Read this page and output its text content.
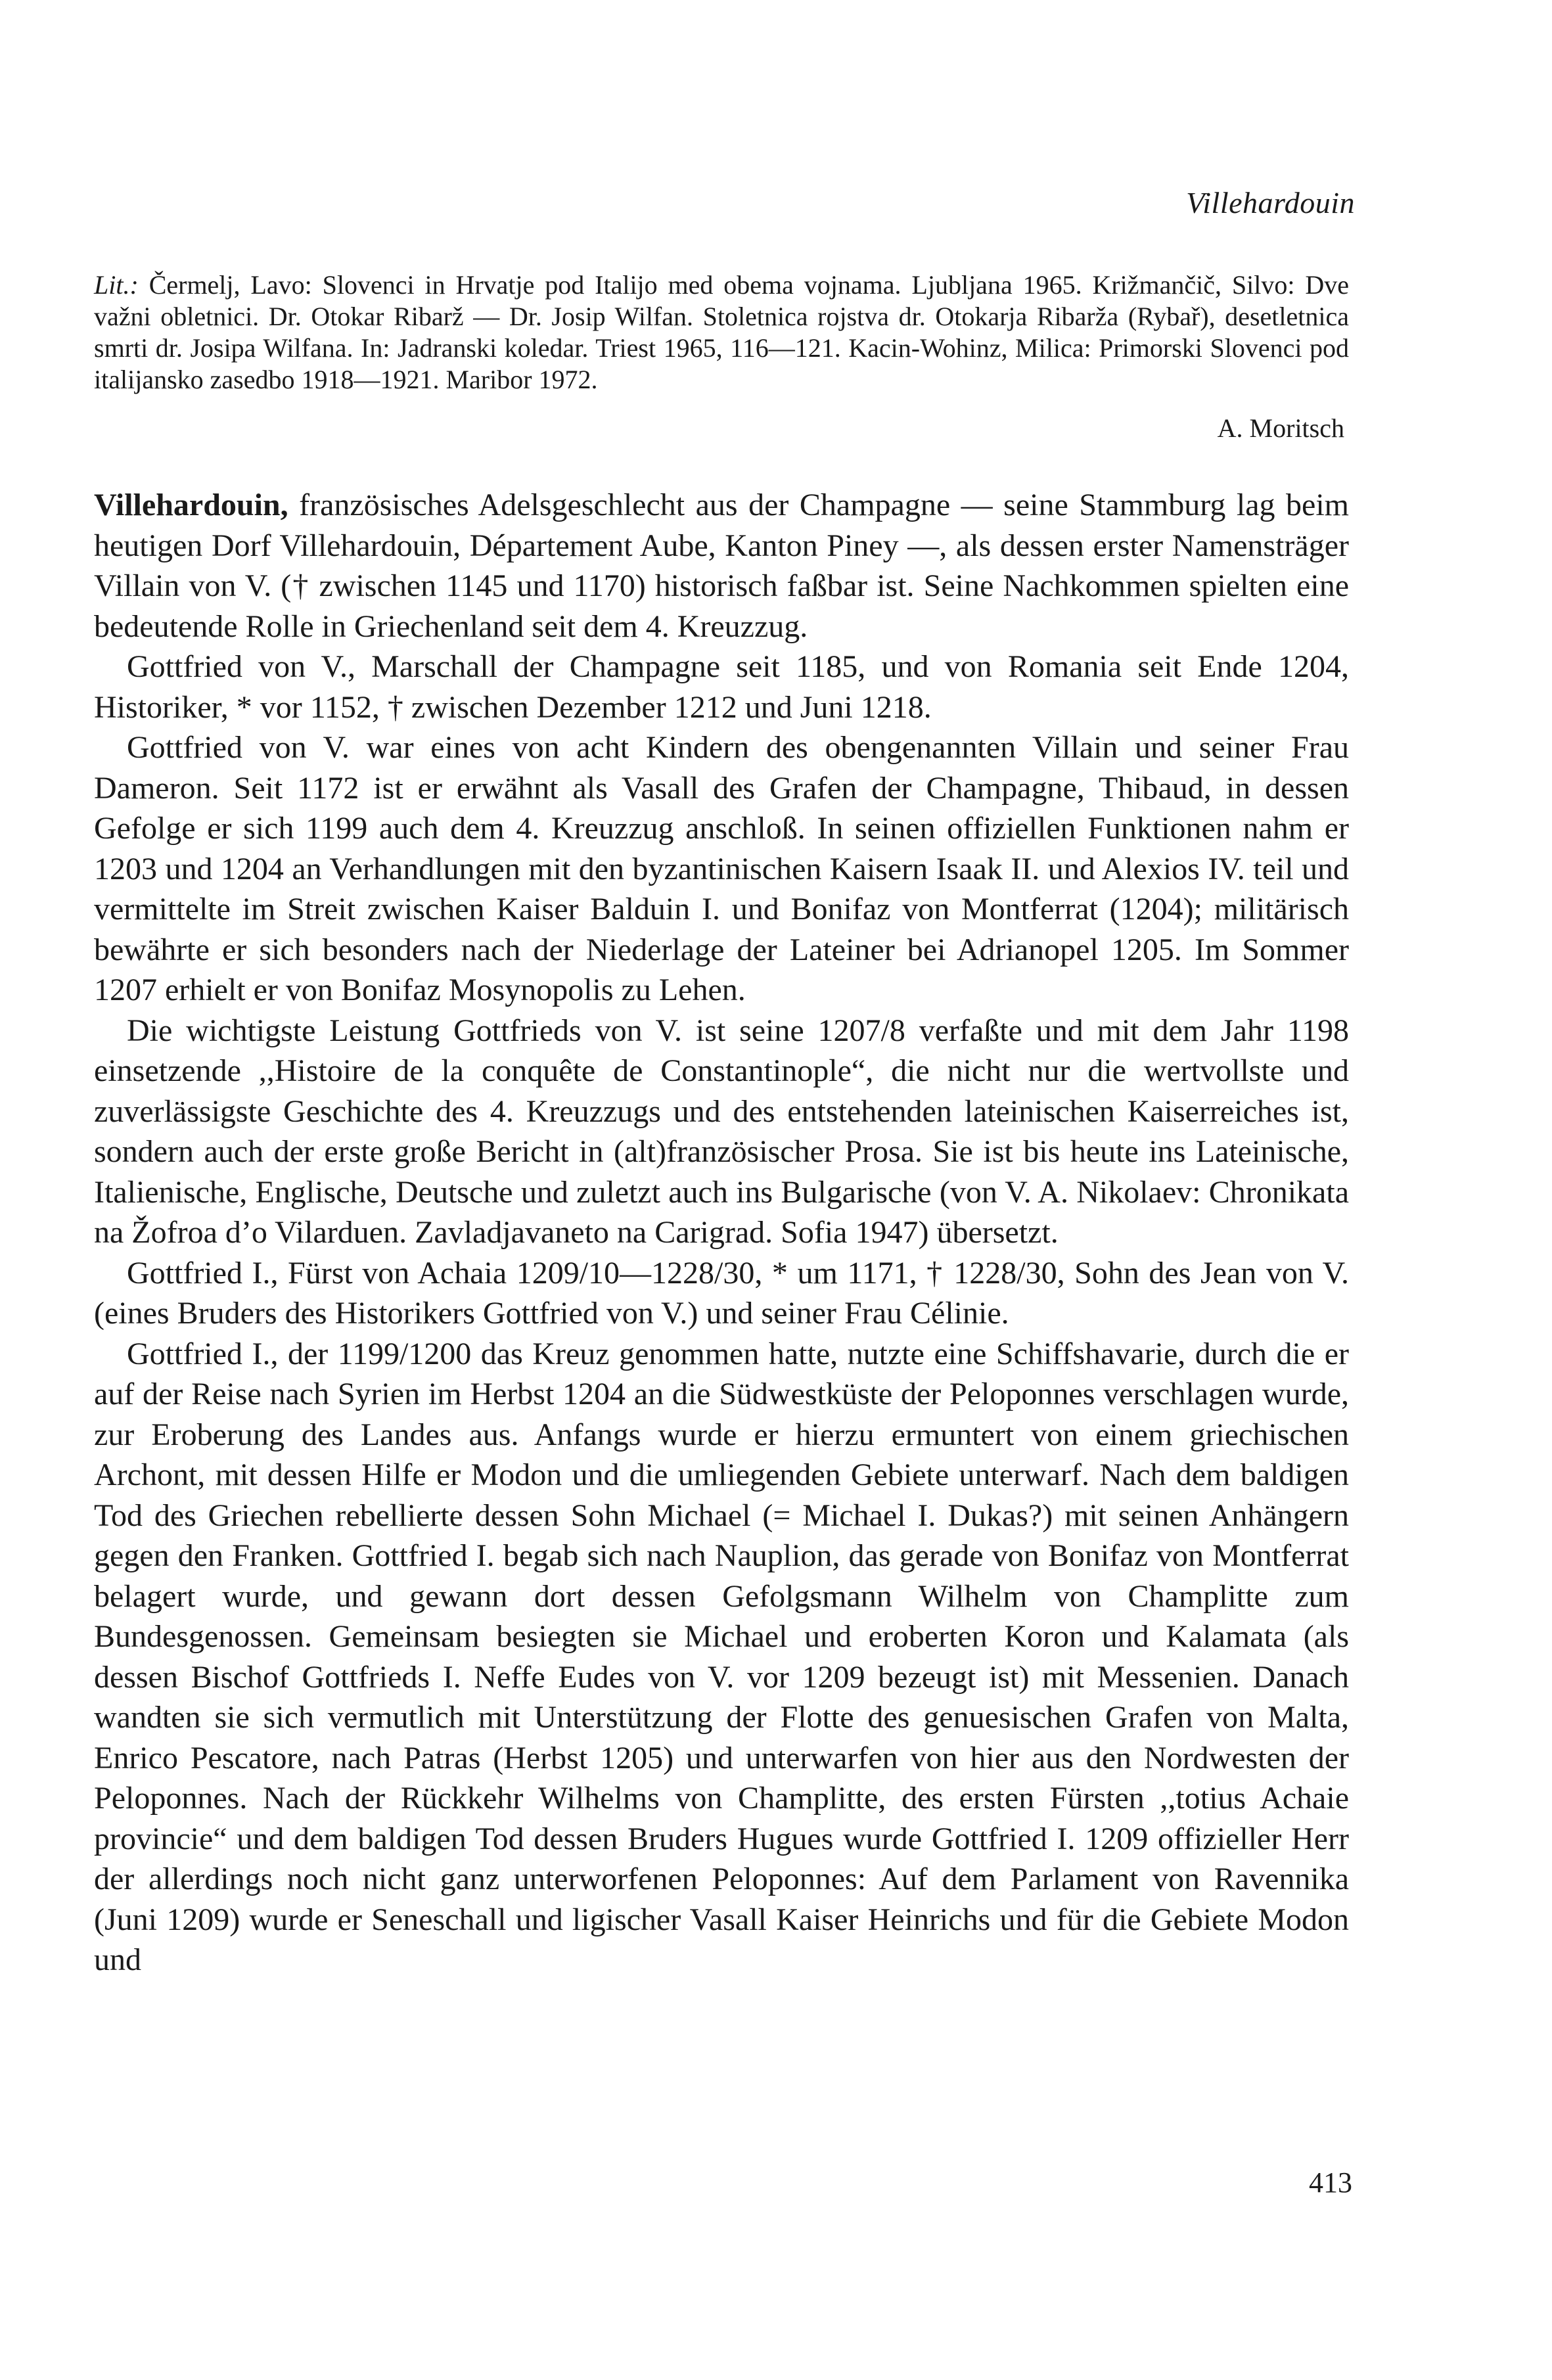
Villehardouin

Lit.: Čermelj, Lavo: Slovenci in Hrvatje pod Italijo med obema vojnama. Ljubljana 1965. Križmančič, Silvo: Dve važni obletnici. Dr. Otokar Ribarž — Dr. Josip Wilfan. Stoletnica rojstva dr. Otokarja Ribarža (Rybař), desetletnica smrti dr. Josipa Wilfana. In: Jadranski koledar. Triest 1965, 116—121. Kacin-Wohinz, Milica: Primorski Slovenci pod italijansko zasedbo 1918—1921. Maribor 1972.

A. Moritsch

Villehardouin, französisches Adelsgeschlecht aus der Champagne — seine Stammburg lag beim heutigen Dorf Villehardouin, Département Aube, Kanton Piney —, als dessen erster Namensträger Villain von V. († zwischen 1145 und 1170) historisch faßbar ist. Seine Nachkommen spielten eine bedeutende Rolle in Griechenland seit dem 4. Kreuzzug.

Gottfried von V., Marschall der Champagne seit 1185, und von Romania seit Ende 1204, Historiker, * vor 1152, † zwischen Dezember 1212 und Juni 1218.

Gottfried von V. war eines von acht Kindern des obengenannten Villain und seiner Frau Dameron. Seit 1172 ist er erwähnt als Vasall des Grafen der Champagne, Thibaud, in dessen Gefolge er sich 1199 auch dem 4. Kreuzzug anschloß. In seinen offiziellen Funktionen nahm er 1203 und 1204 an Verhandlungen mit den byzantinischen Kaisern Isaak II. und Alexios IV. teil und vermittelte im Streit zwischen Kaiser Balduin I. und Bonifaz von Montferrat (1204); militärisch bewährte er sich besonders nach der Niederlage der Lateiner bei Adrianopel 1205. Im Sommer 1207 erhielt er von Bonifaz Mosynopolis zu Lehen.

Die wichtigste Leistung Gottfrieds von V. ist seine 1207/8 verfaßte und mit dem Jahr 1198 einsetzende ,,Histoire de la conquête de Constantinople“, die nicht nur die wertvollste und zuverlässigste Geschichte des 4. Kreuzzugs und des entstehenden lateinischen Kaiserreiches ist, sondern auch der erste große Bericht in (alt)französischer Prosa. Sie ist bis heute ins Lateinische, Italienische, Englische, Deutsche und zuletzt auch ins Bulgarische (von V. A. Nikolaev: Chronikata na Žofroa d’o Vilarduen. Zavladjavaneto na Carigrad. Sofia 1947) übersetzt.

Gottfried I., Fürst von Achaia 1209/10—1228/30, * um 1171, † 1228/30, Sohn des Jean von V. (eines Bruders des Historikers Gottfried von V.) und seiner Frau Célinie.

Gottfried I., der 1199/1200 das Kreuz genommen hatte, nutzte eine Schiffshavarie, durch die er auf der Reise nach Syrien im Herbst 1204 an die Südwestküste der Peloponnes verschlagen wurde, zur Eroberung des Landes aus. Anfangs wurde er hierzu ermuntert von einem griechischen Archont, mit dessen Hilfe er Modon und die umliegenden Gebiete unterwarf. Nach dem baldigen Tod des Griechen rebellierte dessen Sohn Michael (= Michael I. Dukas?) mit seinen Anhängern gegen den Franken. Gottfried I. begab sich nach Nauplion, das gerade von Bonifaz von Montferrat belagert wurde, und gewann dort dessen Gefolgsmann Wilhelm von Champlitte zum Bundesgenossen. Gemeinsam besiegten sie Michael und eroberten Koron und Kalamata (als dessen Bischof Gottfrieds I. Neffe Eudes von V. vor 1209 bezeugt ist) mit Messenien. Danach wandten sie sich vermutlich mit Unterstützung der Flotte des genuesischen Grafen von Malta, Enrico Pescatore, nach Patras (Herbst 1205) und unterwarfen von hier aus den Nordwesten der Peloponnes. Nach der Rückkehr Wilhelms von Champlitte, des ersten Fürsten ,,totius Achaie provincie“ und dem baldigen Tod dessen Bruders Hugues wurde Gottfried I. 1209 offizieller Herr der allerdings noch nicht ganz unterworfenen Peloponnes: Auf dem Parlament von Ravennika (Juni 1209) wurde er Seneschall und ligischer Vasall Kaiser Heinrichs und für die Gebiete Modon und

413
